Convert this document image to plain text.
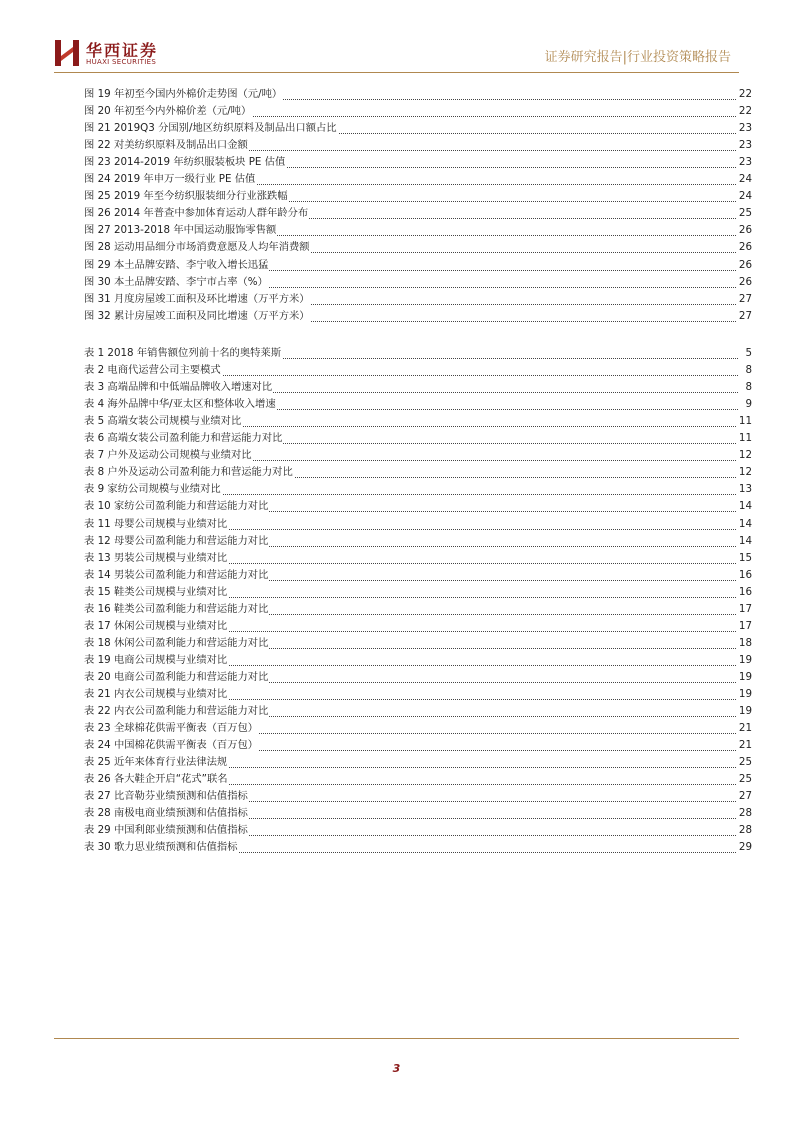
华西证券
HUAXI SECURITIES	证券研究报告|行业投资策略报告
图 19 年初至今国内外棉价走势图（元/吨）	22
图 20 年初至今内外棉价差（元/吨）	22
图 21 2019Q3 分国别/地区纺织原料及制品出口额占比	23
图 22 对美纺织原料及制品出口金额	23
图 23 2014-2019 年纺织服装板块 PE 估值	23
图 24 2019 年申万一级行业 PE 估值	24
图 25 2019 年至今纺织服装细分行业涨跌幅	24
图 26 2014 年普查中参加体育运动人群年龄分布	25
图 27 2013-2018 年中国运动服饰零售额	26
图 28 运动用品细分市场消费意愿及人均年消费额	26
图 29 本土品牌安踏、李宁收入增长迅猛	26
图 30 本土品牌安踏、李宁市占率（%）	26
图 31 月度房屋竣工面积及环比增速（万平方米）	27
图 32 累计房屋竣工面积及同比增速（万平方米）	27
表 1 2018 年销售额位列前十名的奥特莱斯	5
表 2 电商代运营公司主要模式	8
表 3 高端品牌和中低端品牌收入增速对比	8
表 4 海外品牌中华/亚太区和整体收入增速	9
表 5 高端女装公司规模与业绩对比	11
表 6 高端女装公司盈利能力和营运能力对比	11
表 7 户外及运动公司规模与业绩对比	12
表 8 户外及运动公司盈利能力和营运能力对比	12
表 9 家纺公司规模与业绩对比	13
表 10 家纺公司盈利能力和营运能力对比	14
表 11 母婴公司规模与业绩对比	14
表 12 母婴公司盈利能力和营运能力对比	14
表 13 男装公司规模与业绩对比	15
表 14 男装公司盈利能力和营运能力对比	16
表 15 鞋类公司规模与业绩对比	16
表 16 鞋类公司盈利能力和营运能力对比	17
表 17 休闲公司规模与业绩对比	17
表 18 休闲公司盈利能力和营运能力对比	18
表 19 电商公司规模与业绩对比	19
表 20 电商公司盈利能力和营运能力对比	19
表 21 内衣公司规模与业绩对比	19
表 22 内衣公司盈利能力和营运能力对比	19
表 23 全球棉花供需平衡表（百万包）	21
表 24 中国棉花供需平衡表（百万包）	21
表 25 近年来体育行业法律法规	25
表 26 各大鞋企开启“花式”联名	25
表 27 比音勒芬业绩预测和估值指标	27
表 28 南极电商业绩预测和估值指标	28
表 29 中国利郎业绩预测和估值指标	28
表 30 歌力思业绩预测和估值指标	29
3
